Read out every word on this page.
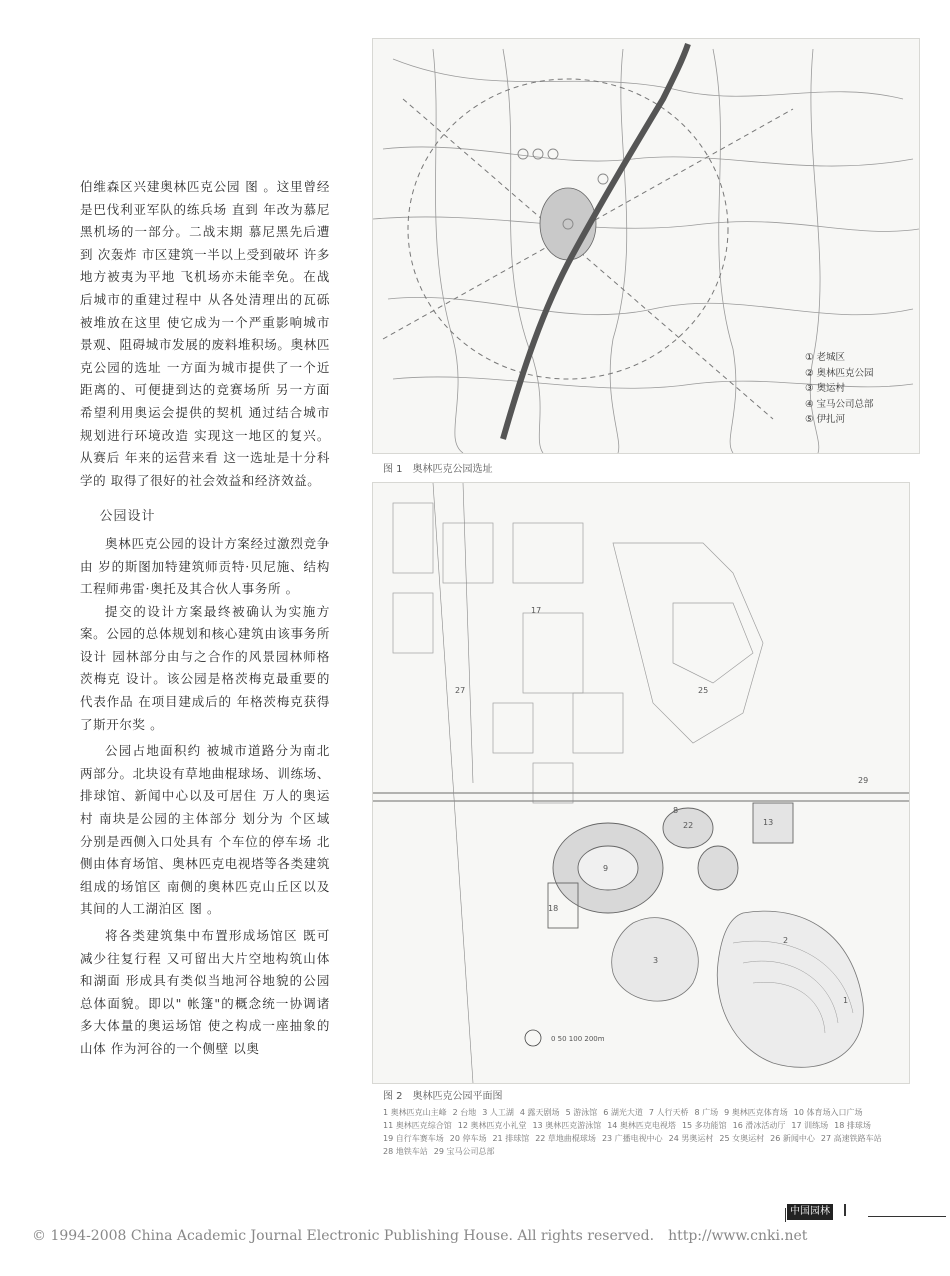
伯维森区兴建奥林匹克公园 图 。这里曾经是巴伐利亚军队的练兵场 直到 年改为慕尼黑机场的一部分。二战末期 慕尼黑先后遭到 次轰炸 市区建筑一半以上受到破坏 许多地方被夷为平地 飞机场亦未能幸免。在战后城市的重建过程中 从各处清理出的瓦砾被堆放在这里 使它成为一个严重影响城市景观、阻碍城市发展的废料堆积场。奥林匹克公园的选址 一方面为城市提供了一个近距离的、可便捷到达的竞赛场所 另一方面希望利用奥运会提供的契机 通过结合城市规划进行环境改造 实现这一地区的复兴。从赛后 年来的运营来看 这一选址是十分科学的 取得了很好的社会效益和经济效益。

公园设计

奥林匹克公园的设计方案经过激烈竞争 由 岁的斯图加特建筑师贡特·贝尼施、结构工程师弗雷·奥托及其合伙人事务所 。

提交的设计方案最终被确认为实施方案。公园的总体规划和核心建筑由该事务所设计 园林部分由与之合作的风景园林师格茨梅克 设计。该公园是格茨梅克最重要的代表作品 在项目建成后的 年格茨梅克获得了斯开尔奖 。

公园占地面积约 被城市道路分为南北两部分。北块设有草地曲棍球场、训练场、排球馆、新闻中心以及可居住 万人的奥运村 南块是公园的主体部分 划分为 个区域 分别是西侧入口处具有 个车位的停车场 北侧由体育场馆、奥林匹克电视塔等各类建筑组成的场馆区 南侧的奥林匹克山丘区以及其间的人工湖泊区 图 。

将各类建筑集中布置形成场馆区 既可减少往复行程 又可留出大片空地构筑山体和湖面 形成具有类似当地河谷地貌的公园总体面貌。即以" 帐篷"的概念统一协调诸多大体量的奥运场馆 使之构成一座抽象的山体 作为河谷的一个侧壁 以奥

① 老城区
② 奥林匹克公园
③ 奥运村
④ 宝马公司总部
⑤ 伊扎河
图 1　奥林匹克公园选址
0 50 100 200m
1
2
3
8
9
13
17
18
22
25
27
29
图 2　奥林匹克公园平面图
1 奥林匹克山主峰 2 台地 3 人工湖 4 露天剧场 5 游泳馆 6 湖光大道 7 人行天桥 8 广场 9 奥林匹克体育场 10 体育场入口广场11 奥林匹克综合馆 12 奥林匹克小礼堂 13 奥林匹克游泳馆 14 奥林匹克电视塔 15 多功能馆 16 滑冰活动厅 17 训练场 18 排球场19 自行车赛车场 20 停车场 21 排球馆 22 草地曲棍球场 23 广播电视中心 24 男奥运村 25 女奥运村 26 新闻中心 27 高速铁路车站28 地铁车站 29 宝马公司总部
中国园林
© 1994-2008 China Academic Journal Electronic Publishing House. All rights reserved. http://www.cnki.net
